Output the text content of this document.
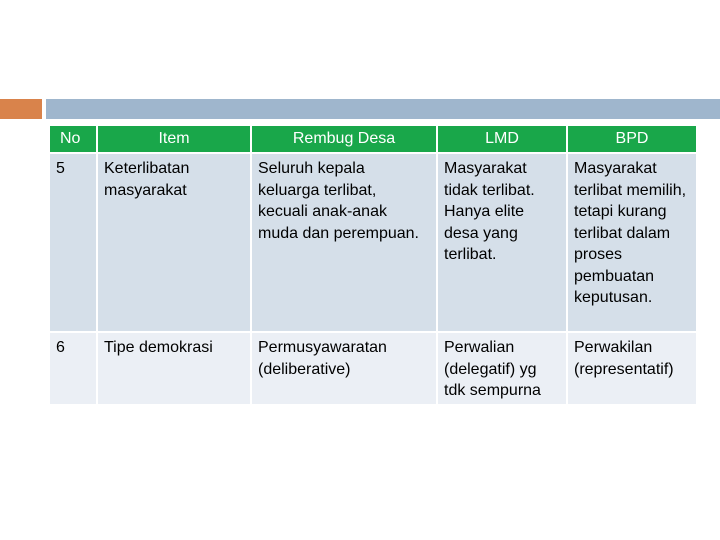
No	Item	Rembug Desa	LMD	BPD

5	Keterlibatan masyarakat	Seluruh kepala keluarga terlibat, kecuali anak-anak muda dan perempuan.	Masyarakat tidak terlibat. Hanya elite desa yang terlibat.	Masyarakat terlibat memilih, tetapi kurang terlibat dalam proses pembuatan keputusan.

6	Tipe demokrasi	Permusyawaratan (deliberative)	Perwalian (delegatif) yg tdk sempurna	Perwakilan (representatif)
